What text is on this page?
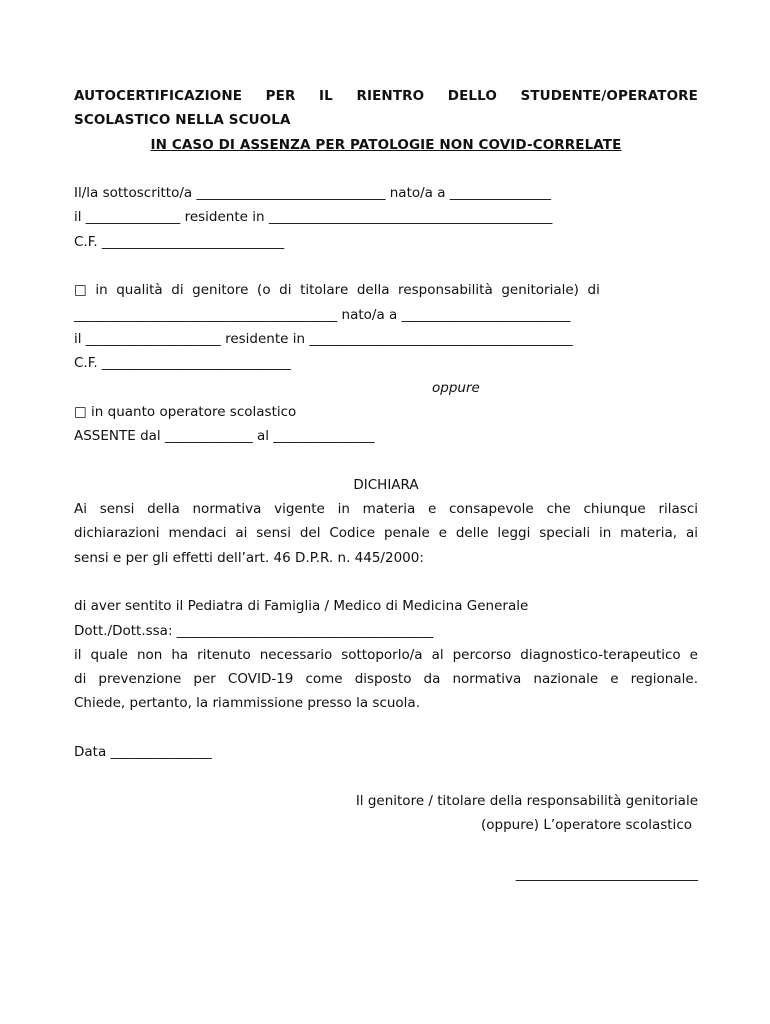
AUTOCERTIFICAZIONE PER IL RIENTRO DELLO STUDENTE/OPERATORE
SCOLASTICO NELLA SCUOLA
IN CASO DI ASSENZA PER PATOLOGIE NON COVID-CORRELATE
Il/la sottoscritto/a ____________________________ nato/a a _______________
il ______________ residente in __________________________________________
C.F. ___________________________
□  in  qualità  di  genitore  (o  di  titolare  della  responsabilità  genitoriale)  di
_______________________________________ nato/a a _________________________
il ____________________ residente in _______________________________________
C.F. ____________________________
oppure
□ in quanto operatore scolastico
ASSENTE dal _____________ al _______________
DICHIARA
Ai sensi della normativa vigente in materia e consapevole che chiunque rilasci
dichiarazioni mendaci ai sensi del Codice penale e delle leggi speciali in materia, ai
sensi e per gli effetti dell’art. 46 D.P.R. n. 445/2000:
di aver sentito il Pediatra di Famiglia / Medico di Medicina Generale
Dott./Dott.ssa: ______________________________________
il quale non ha ritenuto necessario sottoporlo/a al percorso diagnostico-terapeutico e
di prevenzione per COVID-19 come disposto da normativa nazionale e regionale.
Chiede, pertanto, la riammissione presso la scuola.
Data _______________
Il genitore / titolare della responsabilità genitoriale
(oppure) L’operatore scolastico
___________________________
